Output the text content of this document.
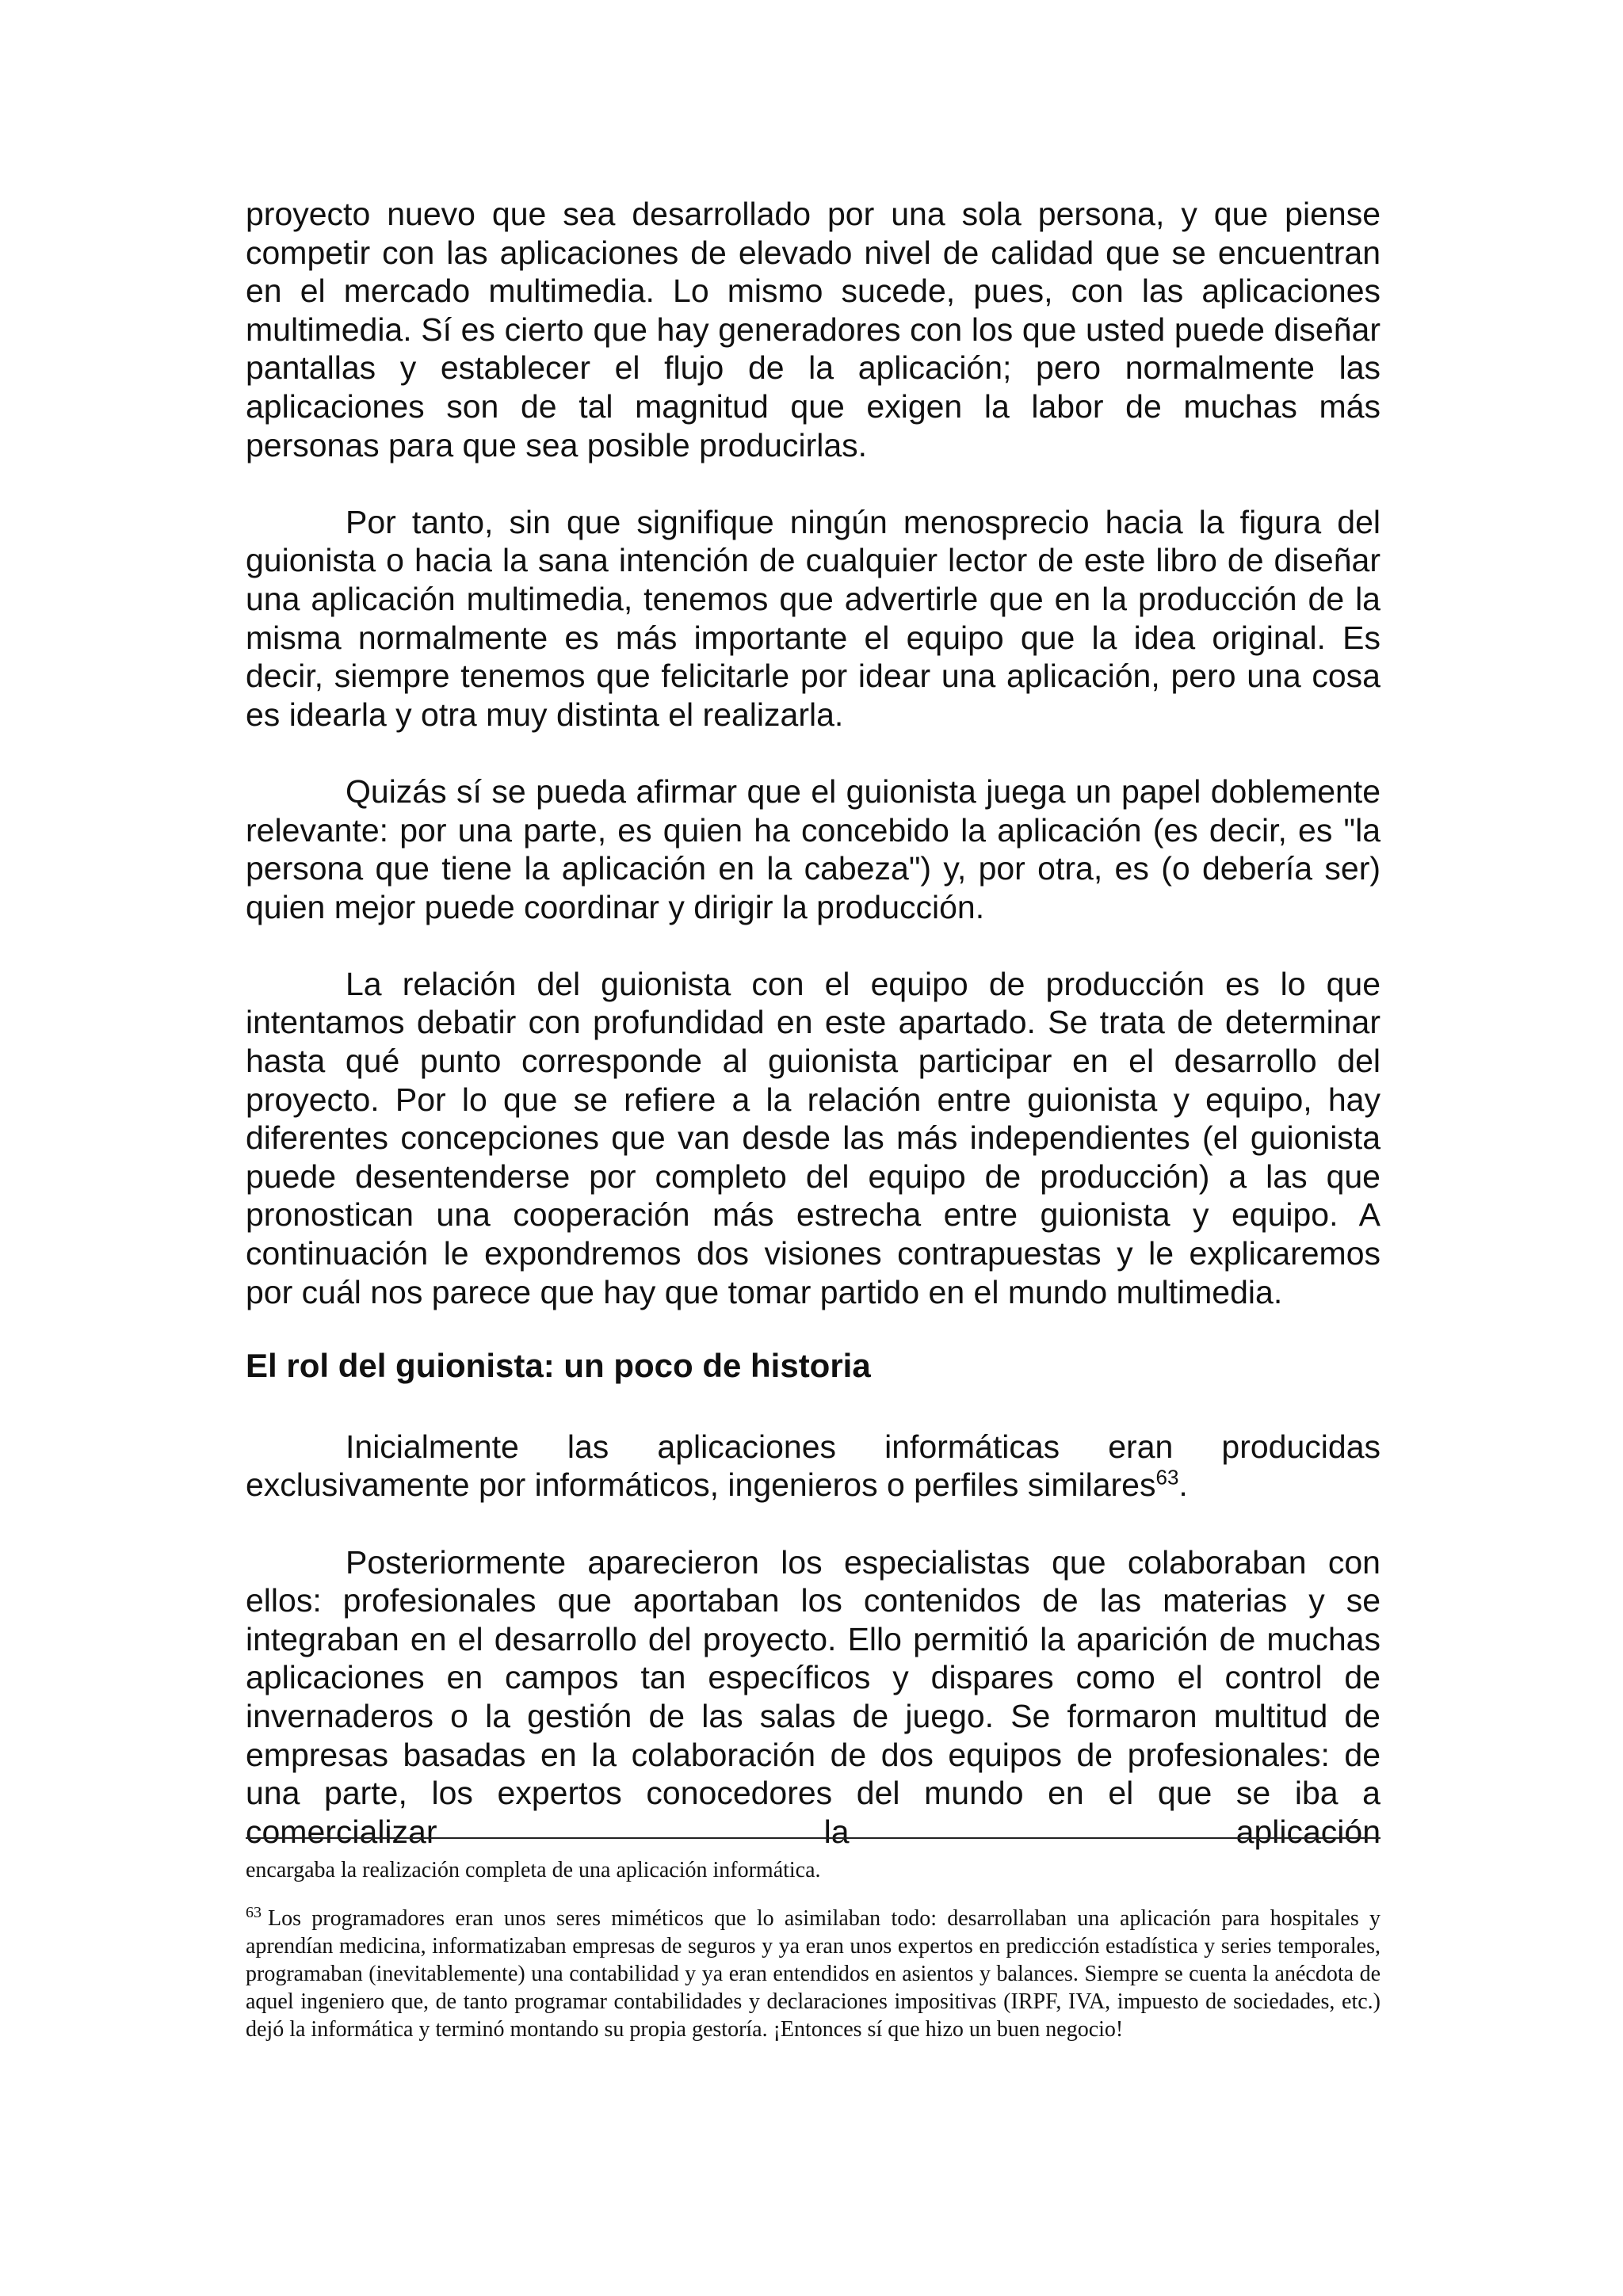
proyecto nuevo que sea desarrollado por una sola persona, y que piense competir con las aplicaciones de elevado nivel de calidad que se encuentran en el mercado multimedia. Lo mismo sucede, pues, con las aplicaciones multimedia. Sí es cierto que hay generadores con los que usted puede diseñar pantallas y establecer el flujo de la aplicación; pero normalmente las aplicaciones son de tal magnitud que exigen la labor de muchas más personas para que sea posible producirlas.

Por tanto, sin que signifique ningún menosprecio hacia la figura del guionista o hacia la sana intención de cualquier lector de este libro de diseñar una aplicación multimedia, tenemos que advertirle que en la producción de la misma normalmente es más importante el equipo que la idea original. Es decir, siempre tenemos que felicitarle por idear una aplicación, pero una cosa es idearla y otra muy distinta el realizarla.

Quizás sí se pueda afirmar que el guionista juega un papel doblemente relevante: por una parte, es quien ha concebido la aplicación (es decir, es "la persona que tiene la aplicación en la cabeza") y, por otra, es (o debería ser) quien mejor puede coordinar y dirigir la producción.

La relación del guionista con el equipo de producción es lo que intentamos debatir con profundidad en este apartado. Se trata de determinar hasta qué punto corresponde al guionista participar en el desarrollo del proyecto. Por lo que se refiere a la relación entre guionista y equipo, hay diferentes concepciones que van desde las más independientes (el guionista puede desentenderse por completo del equipo de producción) a las que pronostican una cooperación más estrecha entre guionista y equipo. A continuación le expondremos dos visiones contrapuestas y le explicaremos por cuál nos parece que hay que tomar partido en el mundo multimedia.

El rol del guionista: un poco de historia

Inicialmente las aplicaciones informáticas eran producidas exclusivamente por informáticos, ingenieros o perfiles similares$^{63}$.

Posteriormente aparecieron los especialistas que colaboraban con ellos: profesionales que aportaban los contenidos de las materias y se integraban en el desarrollo del proyecto. Ello permitió la aparición de muchas aplicaciones en campos tan específicos y dispares como el control de invernaderos o la gestión de las salas de juego. Se formaron multitud de empresas basadas en la colaboración de dos equipos de profesionales: de una parte, los expertos conocedores del mundo en el que se iba a comercializar la aplicación

encargaba la realización completa de una aplicación informática.

$^{63}$ Los programadores eran unos seres miméticos que lo asimilaban todo: desarrollaban una aplicación para hospitales y aprendían medicina, informatizaban empresas de seguros y ya eran unos expertos en predicción estadística y series temporales, programaban (inevitablemente) una contabilidad y ya eran entendidos en asientos y balances. Siempre se cuenta la anécdota de aquel ingeniero que, de tanto programar contabilidades y declaraciones impositivas (IRPF, IVA, impuesto de sociedades, etc.) dejó la informática y terminó montando su propia gestoría. ¡Entonces sí que hizo un buen negocio!
